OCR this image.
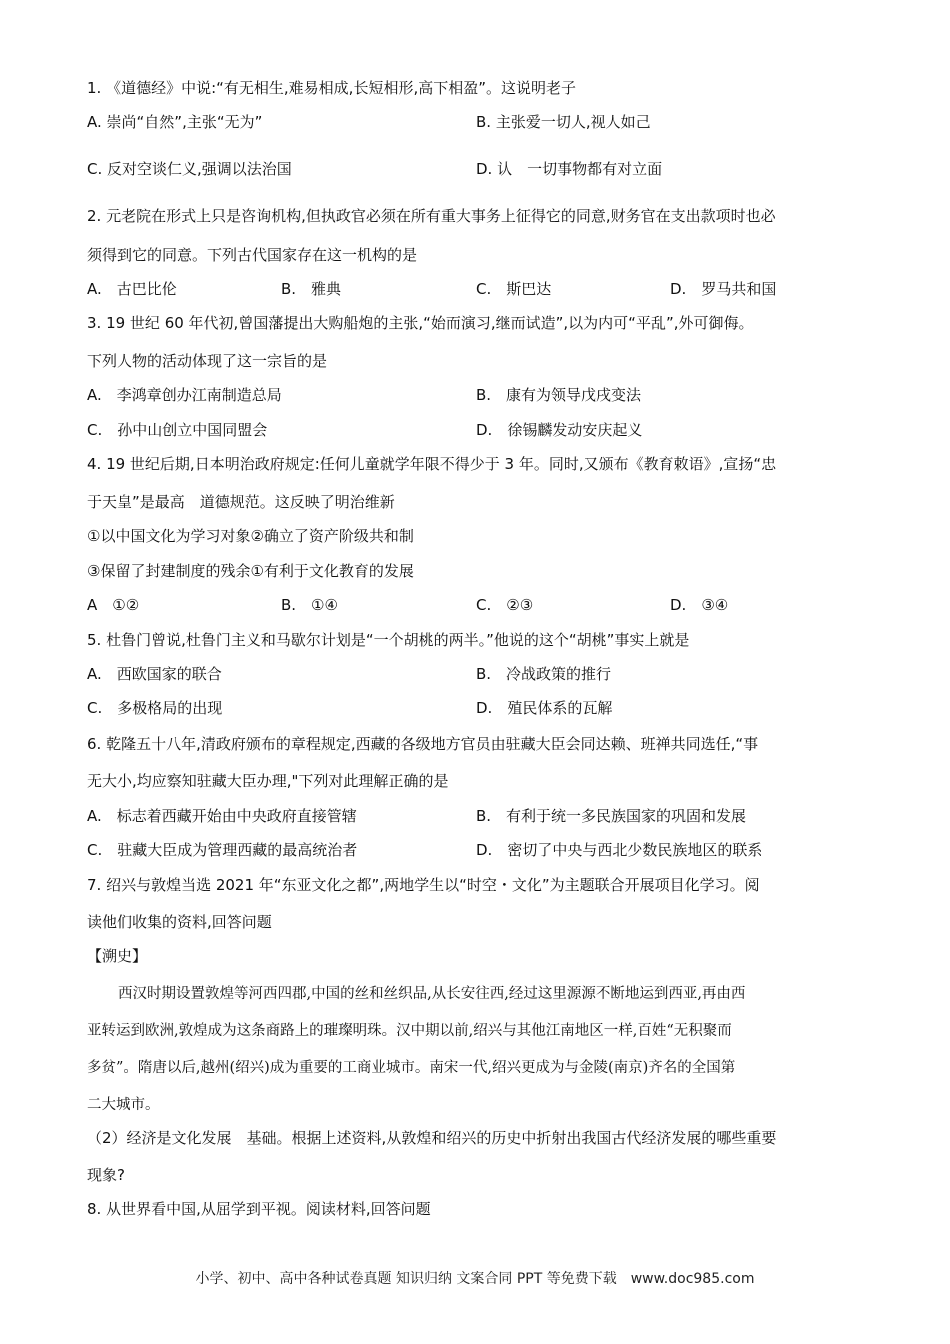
1. 《道德经》中说:“有无相生,难易相成,长短相形,高下相盈”。这说明老子
A. 崇尚“自然”,主张“无为”	B. 主张爱一切人,视人如己
C. 反对空谈仁义,强调以法治国	D. 认　一切事物都有对立面
2. 元老院在形式上只是咨询机构,但执政官必须在所有重大事务上征得它的同意,财务官在支出款项时也必
须得到它的同意。下列古代国家存在这一机构的是
A.　古巴比伦	B.　雅典	C.　斯巴达	D.　罗马共和国
3. 19 世纪 60 年代初,曾国藩提出大购船炮的主张,“始而演习,继而试造”,以为内可“平乱”,外可御侮。
下列人物的活动体现了这一宗旨的是
A.　李鸿章创办江南制造总局	B.　康有为领导戊戌变法
C.　孙中山创立中国同盟会	D.　徐锡麟发动安庆起义
4. 19 世纪后期,日本明治政府规定:任何儿童就学年限不得少于 3 年。同时,又颁布《教育敕语》,宣扬“忠
于天皇”是最高　道德规范。这反映了明治维新
①以中国文化为学习对象②确立了资产阶级共和制
③保留了封建制度的残余①有利于文化教育的发展
A　①②	B.　①④	C.　②③	D.　③④
5. 杜鲁门曾说,杜鲁门主义和马歇尔计划是“一个胡桃的两半。”他说的这个“胡桃”事实上就是
A.　西欧国家的联合	B.　冷战政策的推行
C.　多极格局的出现	D.　殖民体系的瓦解
6. 乾隆五十八年,清政府颁布的章程规定,西藏的各级地方官员由驻藏大臣会同达赖、班禅共同选任,“事
无大小,均应察知驻藏大臣办理,"下列对此理解正确的是
A.　标志着西藏开始由中央政府直接管辖	B.　有利于统一多民族国家的巩固和发展
C.　驻藏大臣成为管理西藏的最高统治者	D.　密切了中央与西北少数民族地区的联系
7. 绍兴与敦煌当选 2021 年“东亚文化之都”,两地学生以“时空・文化”为主题联合开展项目化学习。阅
读他们收集的资料,回答问题
【溯史】
西汉时期设置敦煌等河西四郡,中国的丝和丝织品,从长安往西,经过这里源源不断地运到西亚,再由西
亚转运到欧洲,敦煌成为这条商路上的璀璨明珠。汉中期以前,绍兴与其他江南地区一样,百姓“无积聚而
多贫”。隋唐以后,越州(绍兴)成为重要的工商业城市。南宋一代,绍兴更成为与金陵(南京)齐名的全国第
二大城市。
（2）经济是文化发展　基础。根据上述资料,从敦煌和绍兴的历史中折射出我国古代经济发展的哪些重要
现象?
8. 从世界看中国,从屈学到平视。阅读材料,回答问题
小学、初中、高中各种试卷真题 知识归纳 文案合同 PPT 等免费下载　www.doc985.com
